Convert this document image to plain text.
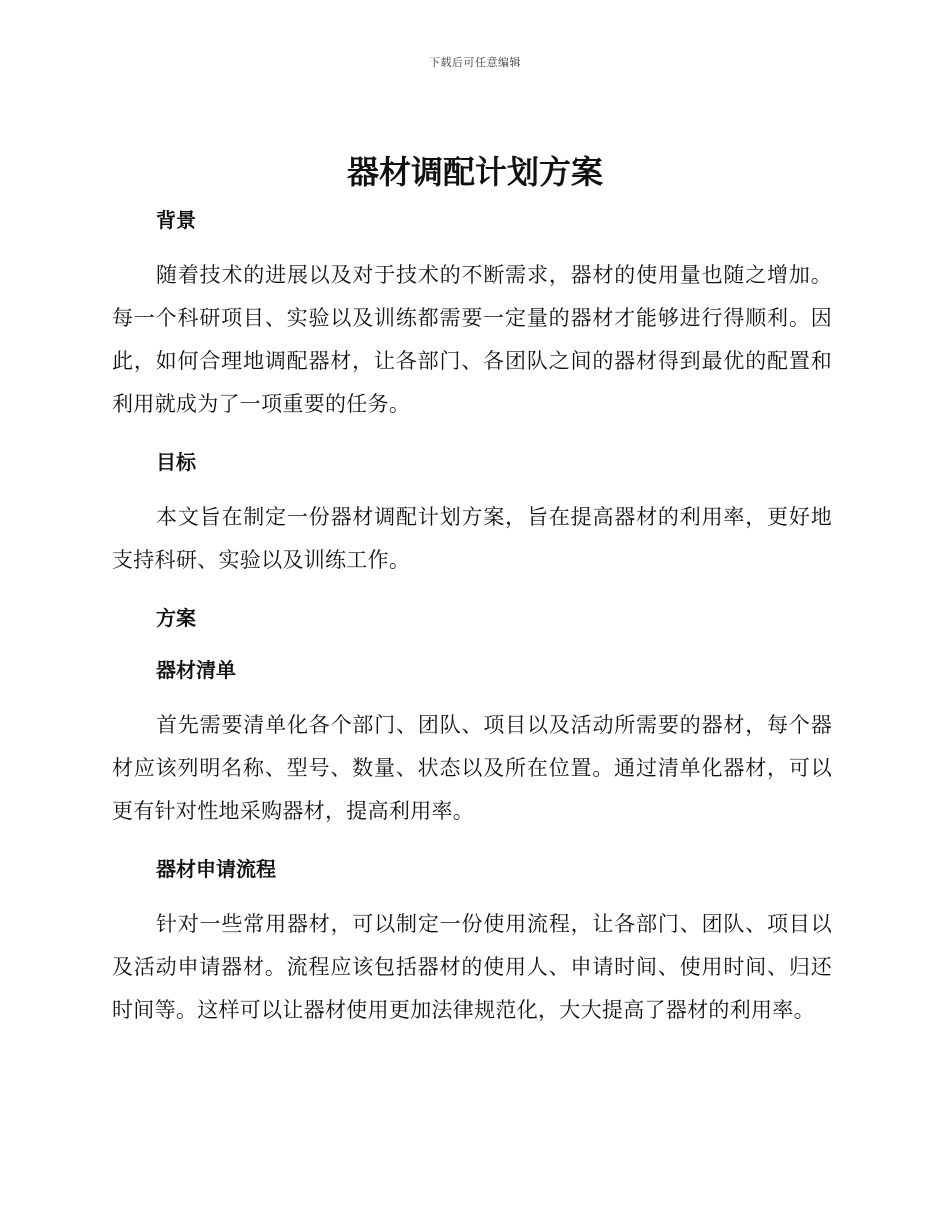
下载后可任意编辑
器材调配计划方案
背景

随着技术的进展以及对于技术的不断需求，器材的使用量也随之增加。每一个科研项目、实验以及训练都需要一定量的器材才能够进行得顺利。因此，如何合理地调配器材，让各部门、各团队之间的器材得到最优的配置和利用就成为了一项重要的任务。

目标

本文旨在制定一份器材调配计划方案，旨在提高器材的利用率，更好地支持科研、实验以及训练工作。

方案
器材清单

首先需要清单化各个部门、团队、项目以及活动所需要的器材，每个器材应该列明名称、型号、数量、状态以及所在位置。通过清单化器材，可以更有针对性地采购器材，提高利用率。

器材申请流程

针对一些常用器材，可以制定一份使用流程，让各部门、团队、项目以及活动申请器材。流程应该包括器材的使用人、申请时间、使用时间、归还时间等。这样可以让器材使用更加法律规范化，大大提高了器材的利用率。
